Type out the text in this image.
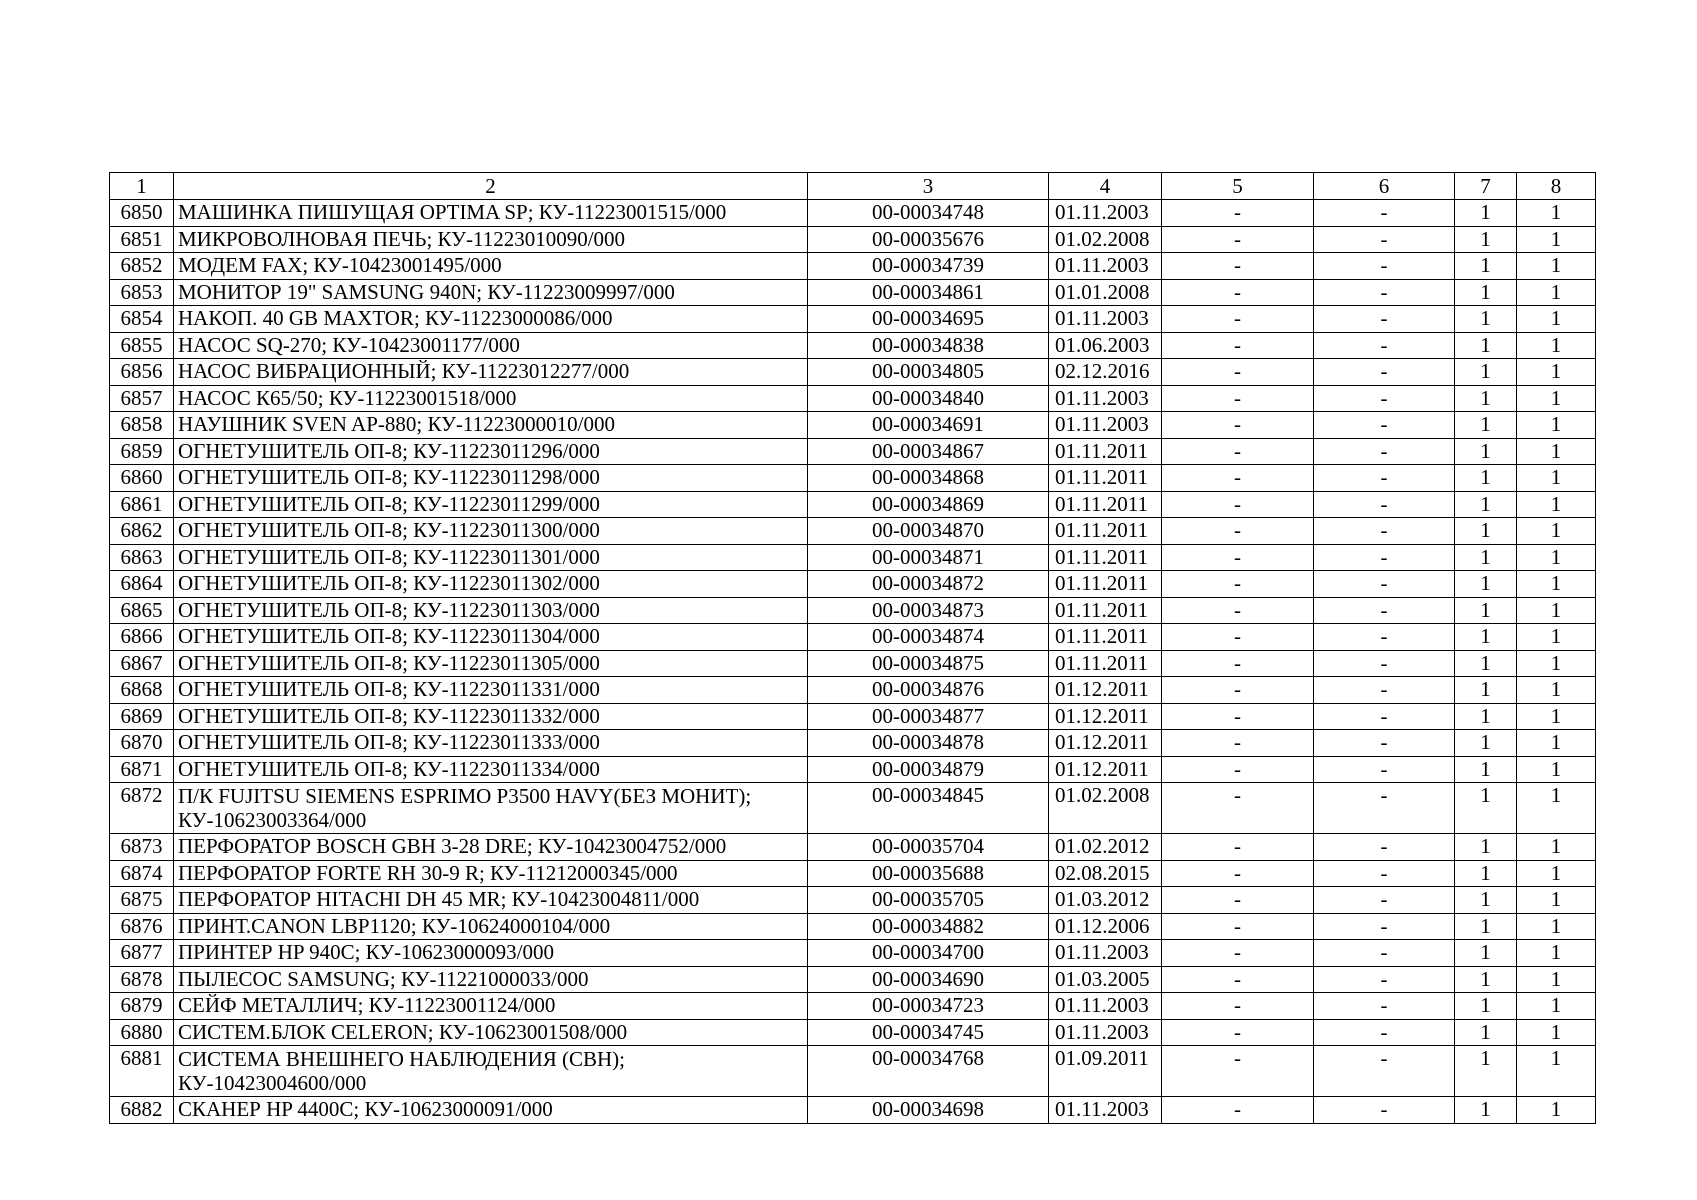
1	2	3	4	5	6	7	8
6850	МАШИНКА ПИШУЩАЯ OPTIMA SP; КУ-11223001515/000	00-00034748	01.11.2003	-	-	1	1
6851	МИКРОВОЛНОВАЯ ПЕЧЬ; КУ-11223010090/000	00-00035676	01.02.2008	-	-	1	1
6852	МОДЕМ FAX; КУ-10423001495/000	00-00034739	01.11.2003	-	-	1	1
6853	МОНИТОР 19" SAMSUNG 940N; КУ-11223009997/000	00-00034861	01.01.2008	-	-	1	1
6854	НАКОП. 40 GB MAXTOR; КУ-11223000086/000	00-00034695	01.11.2003	-	-	1	1
6855	НАСОС SQ-270; КУ-10423001177/000	00-00034838	01.06.2003	-	-	1	1
6856	НАСОС ВИБРАЦИОННЫЙ; КУ-11223012277/000	00-00034805	02.12.2016	-	-	1	1
6857	НАСОС К65/50; КУ-11223001518/000	00-00034840	01.11.2003	-	-	1	1
6858	НАУШНИК SVEN AP-880; КУ-11223000010/000	00-00034691	01.11.2003	-	-	1	1
6859	ОГНЕТУШИТЕЛЬ ОП-8; КУ-11223011296/000	00-00034867	01.11.2011	-	-	1	1
6860	ОГНЕТУШИТЕЛЬ ОП-8; КУ-11223011298/000	00-00034868	01.11.2011	-	-	1	1
6861	ОГНЕТУШИТЕЛЬ ОП-8; КУ-11223011299/000	00-00034869	01.11.2011	-	-	1	1
6862	ОГНЕТУШИТЕЛЬ ОП-8; КУ-11223011300/000	00-00034870	01.11.2011	-	-	1	1
6863	ОГНЕТУШИТЕЛЬ ОП-8; КУ-11223011301/000	00-00034871	01.11.2011	-	-	1	1
6864	ОГНЕТУШИТЕЛЬ ОП-8; КУ-11223011302/000	00-00034872	01.11.2011	-	-	1	1
6865	ОГНЕТУШИТЕЛЬ ОП-8; КУ-11223011303/000	00-00034873	01.11.2011	-	-	1	1
6866	ОГНЕТУШИТЕЛЬ ОП-8; КУ-11223011304/000	00-00034874	01.11.2011	-	-	1	1
6867	ОГНЕТУШИТЕЛЬ ОП-8; КУ-11223011305/000	00-00034875	01.11.2011	-	-	1	1
6868	ОГНЕТУШИТЕЛЬ ОП-8; КУ-11223011331/000	00-00034876	01.12.2011	-	-	1	1
6869	ОГНЕТУШИТЕЛЬ ОП-8; КУ-11223011332/000	00-00034877	01.12.2011	-	-	1	1
6870	ОГНЕТУШИТЕЛЬ ОП-8; КУ-11223011333/000	00-00034878	01.12.2011	-	-	1	1
6871	ОГНЕТУШИТЕЛЬ ОП-8; КУ-11223011334/000	00-00034879	01.12.2011	-	-	1	1
6872	П/К FUJITSU SIEMENS ESPRIMO P3500 HAVY(БЕЗ МОНИТ); КУ-10623003364/000	00-00034845	01.02.2008	-	-	1	1
6873	ПЕРФОРАТОР BOSCH GBH 3-28 DRE; КУ-10423004752/000	00-00035704	01.02.2012	-	-	1	1
6874	ПЕРФОРАТОР FORTE RH 30-9 R; КУ-11212000345/000	00-00035688	02.08.2015	-	-	1	1
6875	ПЕРФОРАТОР HITACHI DH 45 MR; КУ-10423004811/000	00-00035705	01.03.2012	-	-	1	1
6876	ПРИНТ.CANON LBP1120; КУ-10624000104/000	00-00034882	01.12.2006	-	-	1	1
6877	ПРИНТЕР HP 940C; КУ-10623000093/000	00-00034700	01.11.2003	-	-	1	1
6878	ПЫЛЕСОС SAMSUNG; КУ-11221000033/000	00-00034690	01.03.2005	-	-	1	1
6879	СЕЙФ МЕТАЛЛИЧ; КУ-11223001124/000	00-00034723	01.11.2003	-	-	1	1
6880	СИСТЕМ.БЛОК CELERON; КУ-10623001508/000	00-00034745	01.11.2003	-	-	1	1
6881	СИСТЕМА ВНЕШНЕГО НАБЛЮДЕНИЯ (СВН); КУ-10423004600/000	00-00034768	01.09.2011	-	-	1	1
6882	СКАНЕР HP 4400C; КУ-10623000091/000	00-00034698	01.11.2003	-	-	1	1
